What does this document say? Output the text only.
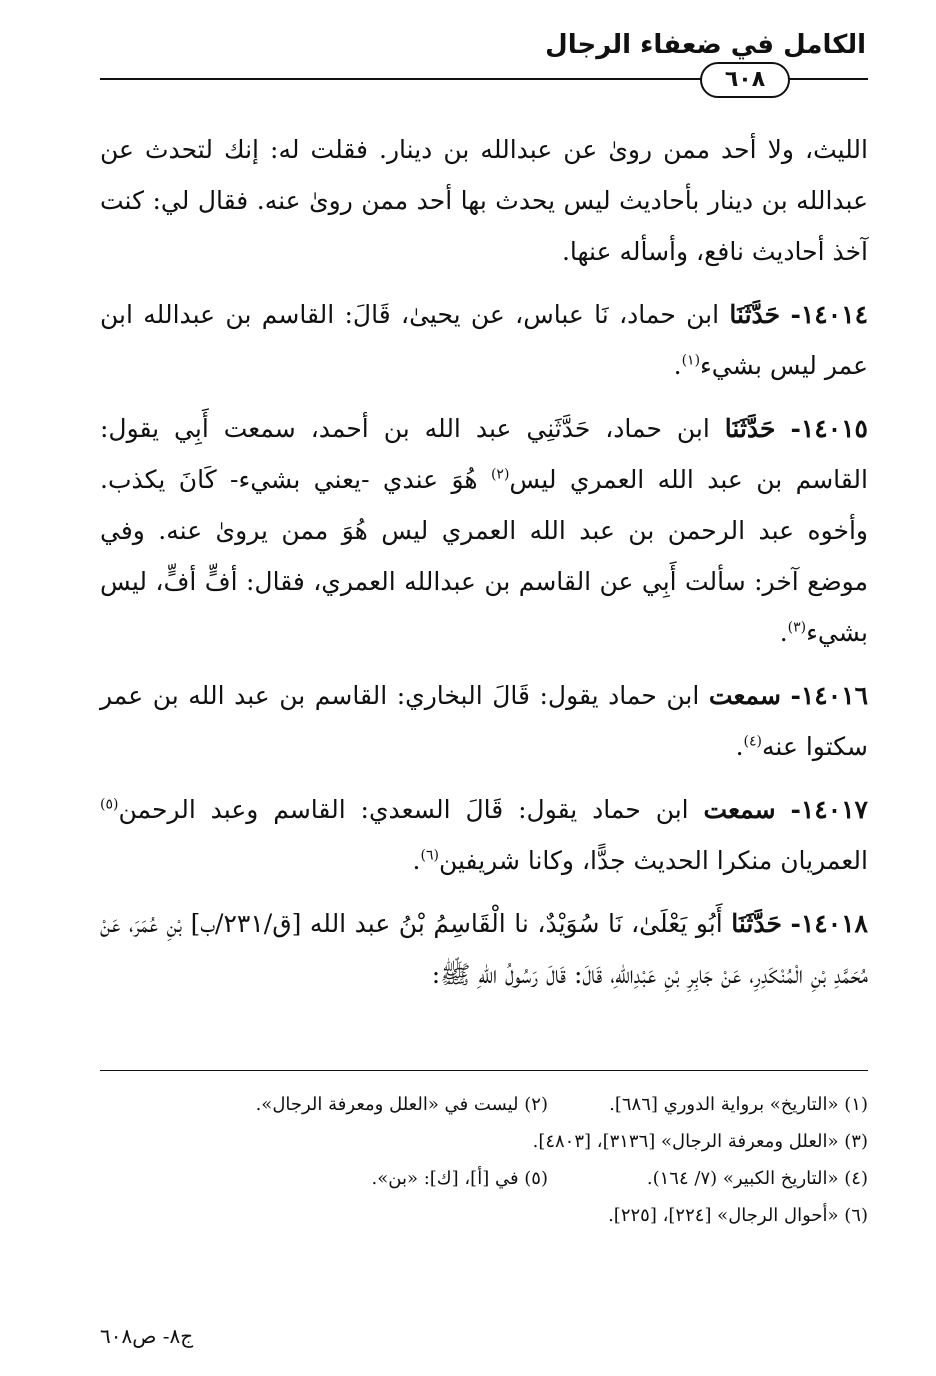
الكامل في ضعفاء الرجال
٦٠٨

الليث، ولا أحد ممن روىٰ عن عبدالله بن دينار. فقلت له: إنك لتحدث عن عبدالله بن دينار بأحاديث ليس يحدث بها أحد ممن روىٰ عنه. فقال لي: كنت آخذ أحاديث نافع، وأسأله عنها.

١٤٠١٤- حَدَّثَنَا ابن حماد، نَا عباس، عن يحيىٰ، قَالَ: القاسم بن عبدالله ابن عمر ليس بشيء$^{(١)}$.

١٤٠١٥- حَدَّثَنَا ابن حماد، حَدَّثَنِي عبد الله بن أحمد، سمعت أَبِي يقول: القاسم بن عبد الله العمري ليس$^{(٢)}$ هُوَ عندي -يعني بشيء- كَانَ يكذب. وأخوه عبد الرحمن بن عبد الله العمري ليس هُوَ ممن يروىٰ عنه. وفي موضع آخر: سألت أَبِي عن القاسم بن عبدالله العمري، فقال: أفٍّ أفٍّ، ليس بشيء$^{(٣)}$.

١٤٠١٦- سمعت ابن حماد يقول: قَالَ البخاري: القاسم بن عبد الله بن عمر سكتوا عنه$^{(٤)}$.

١٤٠١٧- سمعت ابن حماد يقول: قَالَ السعدي: القاسم وعبد الرحمن$^{(٥)}$ العمريان منكرا الحديث جدًّا، وكانا شريفين$^{(٦)}$.

١٤٠١٨- حَدَّثَنَا أَبُو يَعْلَىٰ، نَا سُوَيْدٌ، نا الْقَاسِمُ بْنُ عبد الله [ق/٢٣١/ب] بْنِ عُمَرَ، عَنْ مُحَمَّدِ بْنِ الْمُنْكَدِرِ، عَنْ جَابِرِ بْنِ عَبْدِاللهِ، قَالَ: قَالَ رَسُولُ اللهِ ﷺ:

(١) «التاريخ» برواية الدوري [٦٨٦].
(٢) ليست في «العلل ومعرفة الرجال».
(٣) «العلل ومعرفة الرجال» [٣١٣٦]، [٤٨٠٣].
(٤) «التاريخ الكبير» (٧/ ١٦٤).
(٥) في [أ]، [ك]: «بن».
(٦) «أحوال الرجال» [٢٢٤]، [٢٢٥].
ج٨- ص٦٠٨
